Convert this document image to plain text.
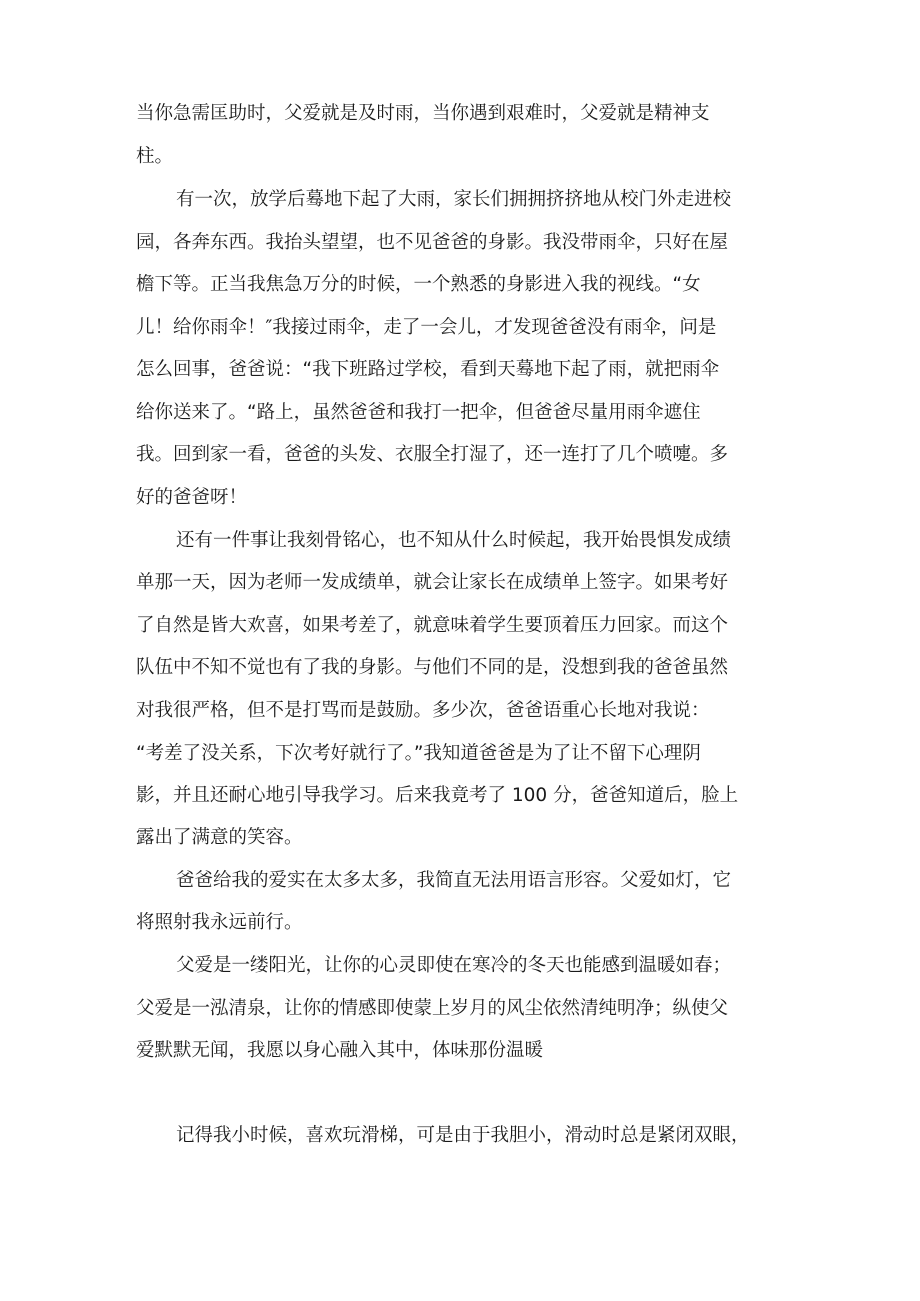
当你急需匡助时，父爱就是及时雨，当你遇到艰难时，父爱就是精神支

柱。

有一次，放学后蓦地下起了大雨，家长们拥拥挤挤地从校门外走进校

园，各奔东西。我抬头望望，也不见爸爸的身影。我没带雨伞，只好在屋

檐下等。正当我焦急万分的时候，一个熟悉的身影进入我的视线。“女

儿！给你雨伞！″我接过雨伞，走了一会儿，才发现爸爸没有雨伞，问是

怎么回事，爸爸说：“我下班路过学校，看到天蓦地下起了雨，就把雨伞

给你送来了。“路上，虽然爸爸和我打一把伞，但爸爸尽量用雨伞遮住

我。回到家一看，爸爸的头发、衣服全打湿了，还一连打了几个喷嚏。多

好的爸爸呀！

还有一件事让我刻骨铭心，也不知从什么时候起，我开始畏惧发成绩

单那一天，因为老师一发成绩单，就会让家长在成绩单上签字。如果考好

了自然是皆大欢喜，如果考差了，就意味着学生要顶着压力回家。而这个

队伍中不知不觉也有了我的身影。与他们不同的是，没想到我的爸爸虽然

对我很严格，但不是打骂而是鼓励。多少次，爸爸语重心长地对我说：

“考差了没关系，下次考好就行了。”我知道爸爸是为了让不留下心理阴

影，并且还耐心地引导我学习。后来我竟考了 100 分，爸爸知道后，脸上

露出了满意的笑容。

爸爸给我的爱实在太多太多，我简直无法用语言形容。父爱如灯，它

将照射我永远前行。

父爱是一缕阳光，让你的心灵即使在寒冷的冬天也能感到温暖如春；

父爱是一泓清泉，让你的情感即使蒙上岁月的风尘依然清纯明净；纵使父

爱默默无闻，我愿以身心融入其中，体味那份温暖

记得我小时候，喜欢玩滑梯，可是由于我胆小，滑动时总是紧闭双眼，
